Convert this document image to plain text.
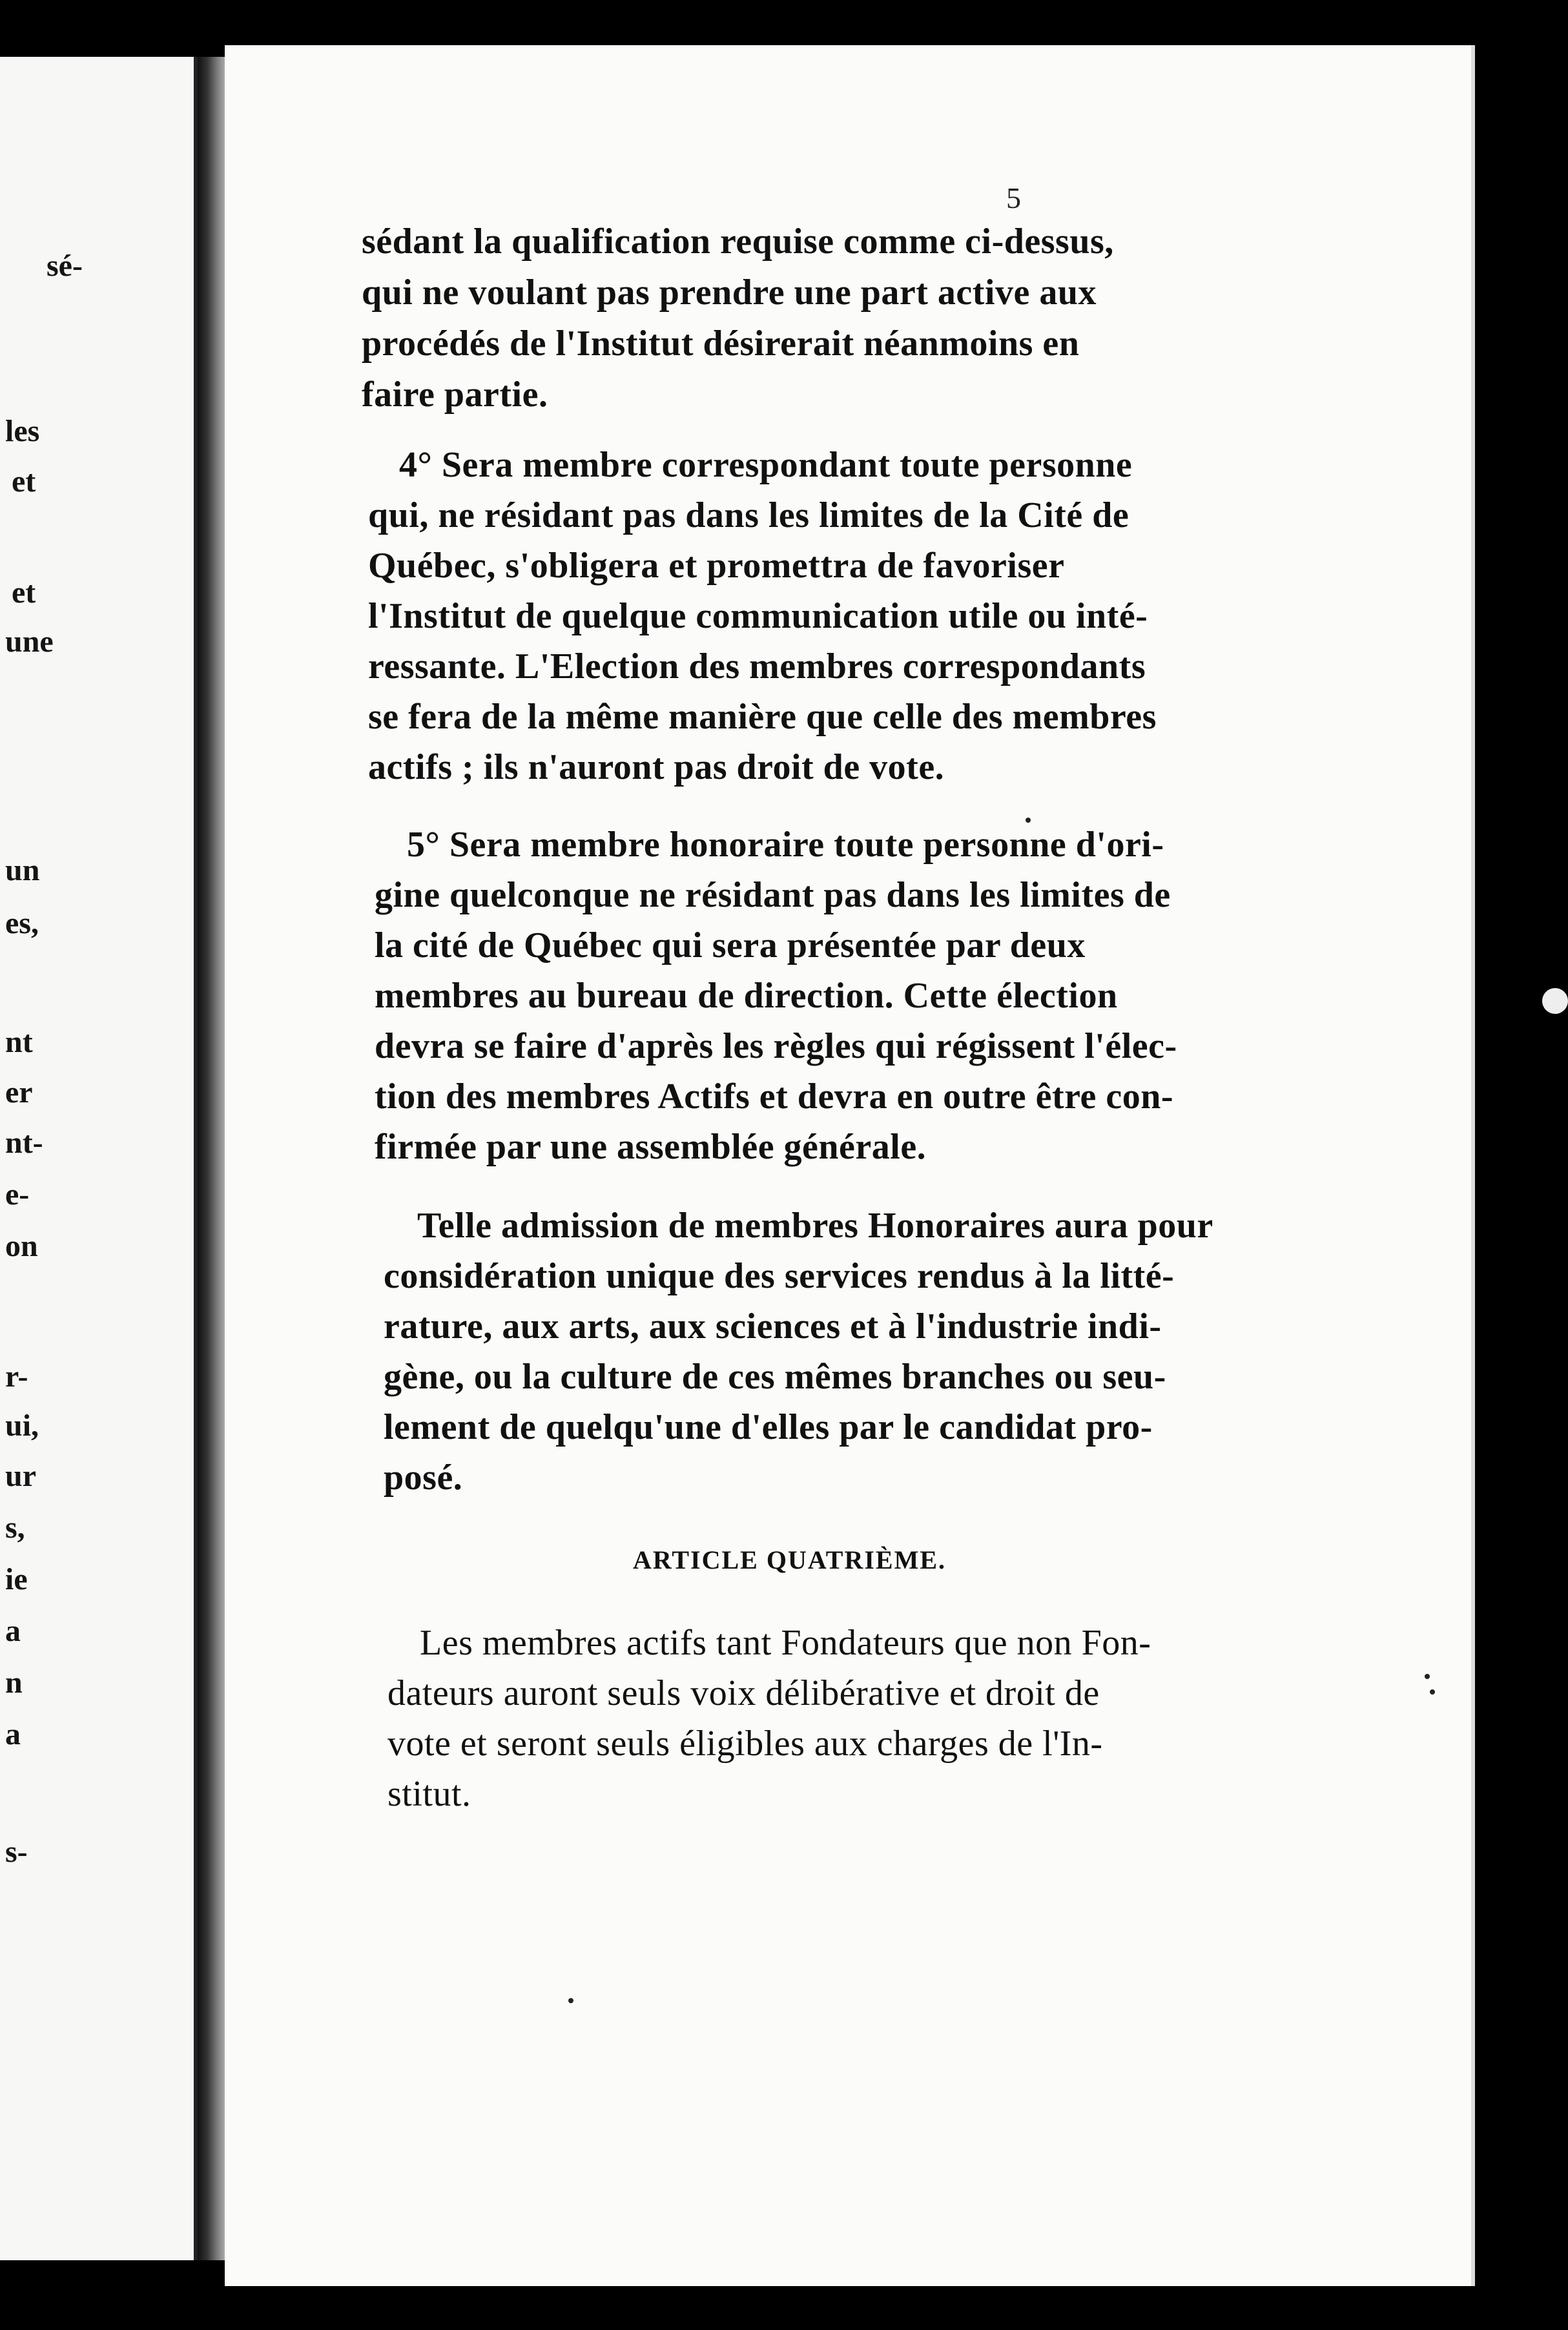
sé-
les
et
et
une
un
es,
nt
er
nt-
e-
on
r-
ui,
ur
s,
ie
a
n
a
s-
5
sédant la qualification requise comme ci-dessus,
qui ne voulant pas prendre une part active aux
procédés de l'Institut désirerait néanmoins en
faire partie.
4° Sera membre correspondant toute personne
qui, ne résidant pas dans les limites de la Cité de
Québec, s'obligera et promettra de favoriser
l'Institut de quelque communication utile ou inté-
ressante. L'Election des membres correspondants
se fera de la même manière que celle des membres
actifs ; ils n'auront pas droit de vote.
5° Sera membre honoraire toute personne d'ori-
gine quelconque ne résidant pas dans les limites de
la cité de Québec qui sera présentée par deux
membres au bureau de direction. Cette élection
devra se faire d'après les règles qui régissent l'élec-
tion des membres Actifs et devra en outre être con-
firmée par une assemblée générale.
Telle admission de membres Honoraires aura pour
considération unique des services rendus à la litté-
rature, aux arts, aux sciences et à l'industrie indi-
gène, ou la culture de ces mêmes branches ou seu-
lement de quelqu'une d'elles par le candidat pro-
posé.
ARTICLE QUATRIÈME.
Les membres actifs tant Fondateurs que non Fon-
dateurs auront seuls voix délibérative et droit de
vote et seront seuls éligibles aux charges de l'In-
stitut.
